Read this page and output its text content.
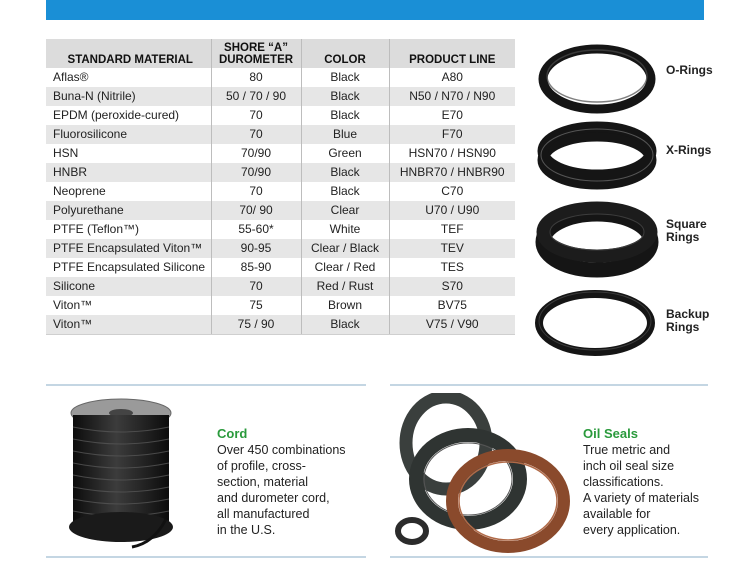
STANDARD MATERIAL	SHORE “A” DUROMETER	COLOR	PRODUCT LINE
Aflas®	80	Black	A80
Buna-N (Nitrile)	50 / 70 / 90	Black	N50 / N70 / N90
EPDM (peroxide-cured)	70	Black	E70
Fluorosilicone	70	Blue	F70
HSN	70/90	Green	HSN70 / HSN90
HNBR	70/90	Black	HNBR70 / HNBR90
Neoprene	70	Black	C70
Polyurethane	70/ 90	Clear	U70 / U90
PTFE (Teflon™)	55-60*	White	TEF
PTFE Encapsulated Viton™	90-95	Clear / Black	TEV
PTFE Encapsulated Silicone	85-90	Clear / Red	TES
Silicone	70	Red / Rust	S70
Viton™	75	Brown	BV75
Viton™	75 / 90	Black	V75 / V90
O-Rings
X-Rings
Square
Rings
Backup
Rings
Cord
Over 450 combinations
of profile, cross-
section, material
and durometer cord,
all manufactured
in the U.S.
Oil Seals
True metric and
inch oil seal size
classifications.
A variety of materials
available for
every application.
